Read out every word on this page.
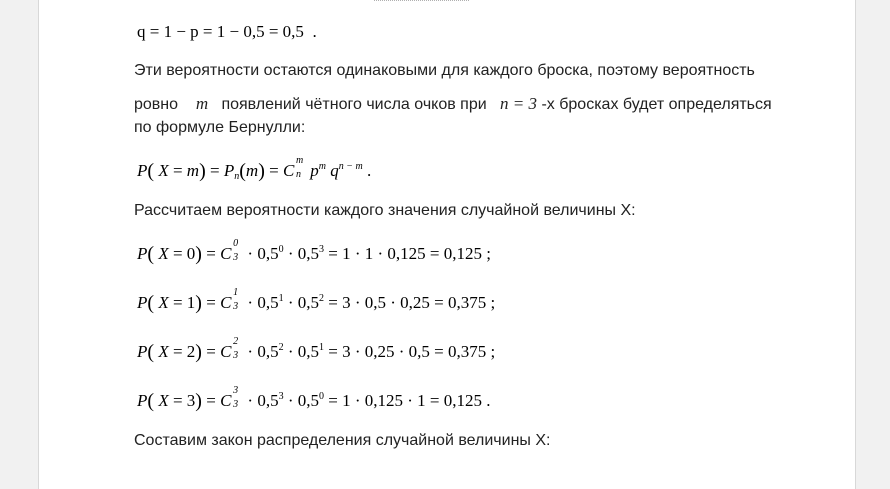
q = 1 − p = 1 − 0,5 = 0,5 .
Эти вероятности остаются одинаковыми для каждого броска, поэтому вероятность
ровно m появлений чётного числа очков при n = 3 -х бросках будет определяться
по формуле Бернулли:
P( $X = m) = P_n(m) = C$
m
n $p^m$ $q^{n - m}$ .
Рассчитаем вероятности каждого значения случайной величины X:
P( X = 0) = C
0
$3 \cdot 0,5^0 \cdot 0,5^3 = 1 \cdot 1 \cdot 0,125 = 0,125$ ;
P( X = 1) = C
1
$3 \cdot 0,5^1 \cdot 0,5^2 = 3 \cdot 0,5 \cdot 0,25 = 0,375$ ;
P( X = 2) = C
2
$3 \cdot 0,5^2 \cdot 0,5^1 = 3 \cdot 0,25 \cdot 0,5 = 0,375$ ;
P( X = 3) = C
3
$3 \cdot 0,5^3 \cdot 0,5^0 = 1 \cdot 0,125 \cdot 1 = 0,125$ .
Составим закон распределения случайной величины X:
